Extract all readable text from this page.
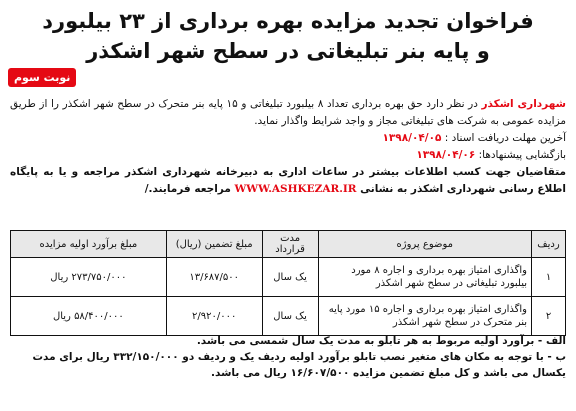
فراخوان تجدید مزایده بهره برداری از ۲۳ بیلبورد
و پایه بنر تبلیغاتی در سطح شهر اشکذر
نوبت سوم

شهرداری اشکذر در نظر دارد حق بهره برداری تعداد ۸ بیلبورد تبلیغاتی و ۱۵ پایه بنر متحرک در سطح شهر اشکذر را از طریق مزایده عمومی به شرکت های تبلیغاتی مجاز و واجد شرایط واگذار نماید.

آخرین مهلت دریافت اسناد : ۱۳۹۸/۰۴/۰۵

بازگشایی پیشنهادها: ۱۳۹۸/۰۴/۰۶

متقاضیان جهت کسب اطلاعات بیشتر در ساعات اداری به دبیرخانه شهرداری اشکذر مراجعه و یا به پایگاه اطلاع رسانی شهرداری اشکذر به نشانی WWW.ASHKEZAR.IR مراجعه فرمایند./

ردیف	موضوع پروژه	مدت قرارداد	مبلغ تضمین (ریال)	مبلغ برآورد اولیه مزایده
۱	واگذاری امتیاز بهره برداری و اجاره ۸ مورد بیلبورد تبلیغاتی در سطح شهر اشکذر	یک سال	۱۳/۶۸۷/۵۰۰	۲۷۳/۷۵۰/۰۰۰ ریال
۲	واگذاری امتیاز بهره برداری و اجاره ۱۵ مورد پایه بنر متحرک در سطح شهر اشکذر	یک سال	۲/۹۲۰/۰۰۰	۵۸/۴۰۰/۰۰۰ ریال

الف - برآورد اولیه مربوط به هر تابلو به مدت یک سال شمسی می باشد.

ب - با توجه به مکان های متغیر نصب تابلو برآورد اولیه ردیف یک و ردیف دو ۳۳۲/۱۵۰/۰۰۰ ریال برای مدت یکسال می باشد و کل مبلغ تضمین مزایده ۱۶/۶۰۷/۵۰۰ ریال می باشد.
